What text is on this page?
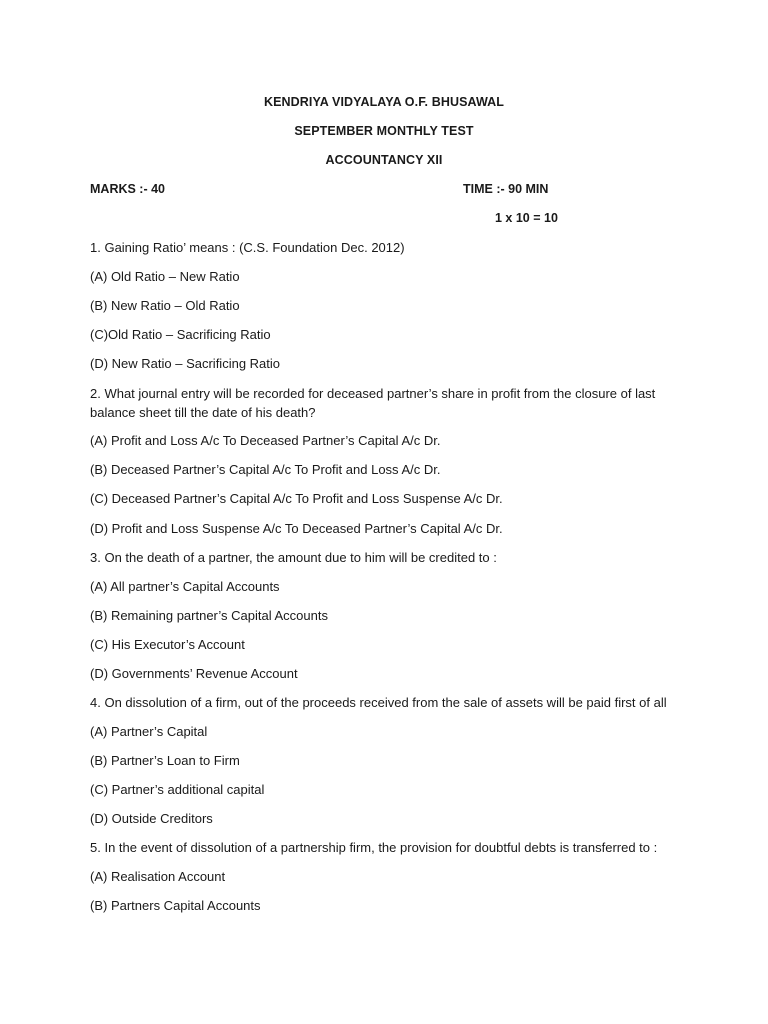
KENDRIYA VIDYALAYA O.F. BHUSAWAL
SEPTEMBER MONTHLY TEST
ACCOUNTANCY XII
MARKS :- 40	TIME :- 90 MIN
1 x 10 = 10
1. Gaining Ratio’ means : (C.S. Foundation Dec. 2012)
(A) Old Ratio – New Ratio
(B) New Ratio – Old Ratio
(C)Old Ratio – Sacrificing Ratio
(D) New Ratio – Sacrificing Ratio
2. What journal entry will be recorded for deceased partner’s share in profit from the closure of last balance sheet till the date of his death?
(A) Profit and Loss A/c To Deceased Partner’s Capital A/c Dr.
(B) Deceased Partner’s Capital A/c To Profit and Loss A/c Dr.
(C) Deceased Partner’s Capital A/c To Profit and Loss Suspense A/c Dr.
(D) Profit and Loss Suspense A/c To Deceased Partner’s Capital A/c Dr.
3. On the death of a partner, the amount due to him will be credited to :
(A) All partner’s Capital Accounts
(B) Remaining partner’s Capital Accounts
(C) His Executor’s Account
(D) Governments’ Revenue Account
4. On dissolution of a firm, out of the proceeds received from the sale of assets will be paid first of all
(A) Partner’s Capital
(B) Partner’s Loan to Firm
(C) Partner’s additional capital
(D) Outside Creditors
5. In the event of dissolution of a partnership firm, the provision for doubtful debts is transferred to :
(A) Realisation Account
(B) Partners Capital Accounts
